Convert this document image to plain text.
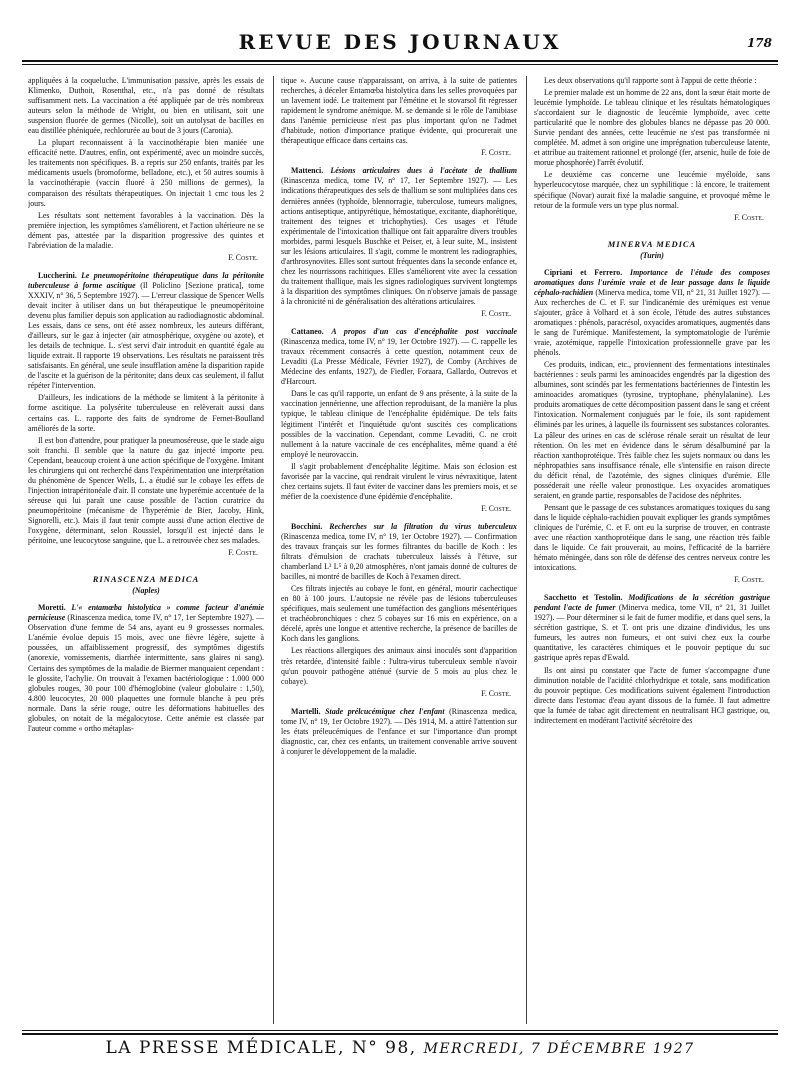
REVUE DES JOURNAUX	178

appliquées à la coqueluche. L'immunisation passive, après les essais de Klimenko, Duthoit, Rosenthal, etc., n'a pas donné de résultats suffisamment nets. La vaccination a été appliquée par de très nombreux auteurs selon la méthode de Wright, ou bien en utilisant, soit une suspension fluorée de germes (Nicolle), soit un autolysat de bacilles en eau distillée phéniquée, rechlorurée au bout de 3 jours (Caronia).

La plupart reconnaissent à la vaccinothérapie bien maniée une efficacité nette. D'autres, enfin, ont expérimenté, avec un moindre succès, les traitements non spécifiques. B. a repris sur 250 enfants, traités par les médicaments usuels (bromoforme, belladone, etc.), et 50 autres soumis à la vaccinothérapie (vaccin fluoré à 250 millions de germes), la comparaison des résultats thérapeutiques. On injectait 1 cmc tous les 2 jours.

Les résultats sont nettement favorables à la vaccination. Dès la première injection, les symptômes s'améliorent, et l'action ultérieure ne se dément pas, attestée par la disparition progressive des quintes et l'abréviation de la maladie.

F. Coste.

Luccherini. Le pneumopéritoine thérapeutique dans la péritonite tuberculeuse à forme ascitique (Il Policlino [Sezione pratica], tome XXXIV, n° 36, 5 Septembre 1927). — L'erreur classique de Spencer Wells devait inciter à utiliser dans un but thérapeutique le pneumopéritoine devenu plus familier depuis son application au radiodiagnostic abdominal. Les essais, dans ce sens, ont été assez nombreux, les auteurs différant, d'ailleurs, sur le gaz à injecter (air atmosphérique, oxygène ou azote), et les details de technique. L. s'est servi d'air introduit en quantité égale au liquide extrait. Il rapporte 19 observations. Les résultats ne paraissent très satisfaisants. En général, une seule insufflation amène la disparition rapide de l'ascite et la guérison de la péritonite; dans deux cas seulement, il fallut répéter l'intervention.

D'ailleurs, les indications de la méthode se limitent à la péritonite à forme ascitique. La polysérite tuberculeuse en relèverait aussi dans certains cas. L. rapporte des faits de syndrome de Fernet-Boulland améliorés de la sorte.

Il est bon d'attendre, pour pratiquer la pneumoséreuse, que le stade aigu soit franchi. Il semble que la nature du gaz injecté importe peu. Cependant, beaucoup croient à une action spécifique de l'oxygène. Imitant les chirurgiens qui ont recherché dans l'expérimentation une interprétation du phénomène de Spencer Wells, L. a étudié sur le cobaye les effets de l'injection intrapéritonéale d'air. Il constate une hyperémie accentuée de la séreuse qui lui paraît une cause possible de l'action curatrice du pneumopéritoine (mécanisme de l'hyperémie de Bier, Jacoby, Hink, Signorelli, etc.). Mais il faut tenir compte aussi d'une action élective de l'oxygène, déterminant, selon Roussiel, lorsqu'il est injecté dans le péritoine, une leucocytose sanguine, que L. a retrouvée chez ses malades.

F. Coste.
RINASCENZA MEDICA
(Naples)

Moretti. L'« entamœba histolytica » comme facteur d'anémie pernicieuse (Rinascenza medica, tome IV, n° 17, 1er Septembre 1927). — Observation d'une femme de 54 ans, ayant eu 9 grossesses normales. L'anémie évolue depuis 15 mois, avec une fièvre légère, sujette à poussées, un affaiblissement progressif, des symptômes digestifs (anorexie, vomissements, diarrhée intermittente, sans glaires ni sang). Certains des symptômes de la maladie de Biermer manquaient cependant : le glossite, l'achylie. On trouvait à l'examen bactériologique : 1.000 000 globules rouges, 30 pour 100 d'hémoglobine (valeur globulaire : 1,50), 4.800 leucocytes, 20 000 plaquettes une formule blanche à peu près normale. Dans la série rouge, outre les déformations habituelles des globules, on notait de la mégalocytose. Cette anémie est classée par l'auteur comme « ortho métaplas-

tique ». Aucune cause n'apparaissant, on arriva, à la suite de patientes recherches, à déceler Entamœba histolytica dans les selles provoquées par un lavement iodé. Le traitement par l'émétine et le stovarsol fit régresser rapidement le syndrome anémique. M. se demande si le rôle de l'amibiase dans l'anémie pernicieuse n'est pas plus important qu'on ne l'admet d'habitude, notion d'importance pratique évidente, qui procurerait une thérapeutique efficace dans certains cas.

F. Coste.

Mattenci. Lésions articulaires dues à l'acétate de thallium (Rinascenza medica, tome IV, n° 17, 1er Septembre 1927). — Les indications thérapeutiques des sels de thallium se sont multipliées dans ces dernières années (typhoïde, blennorragie, tuberculose, tumeurs malignes, actions antiseptique, antipyrétique, hémostatique, excitante, diaphorétique, traitement des teignes et trichophyties). Ces usages et l'étude expérimentale de l'intoxication thallique ont fait apparaître divers troubles morbides, parmi lesquels Buschke et Peiser, et, à leur suite, M., insistent sur les lésions articulaires. Il s'agit, comme le montrent les radiographies, d'arthrosynovites. Elles sont surtout fréquentes dans la seconde enfance et, chez les nourrissons rachitiques. Elles s'améliorent vite avec la cessation du traitement thallique, mais les signes radiologiques survivent longtemps à la disparition des symptômes cliniques. On n'observe jamais de passage à la chronicité ni de généralisation des altérations articulaires.

F. Coste.

Cattaneo. A propos d'un cas d'encéphalite post vaccinale (Rinascenza medica, tome IV, n° 19, 1er Octobre 1927). — C. rappelle les travaux récemment consacrés à cette question, notamment ceux de Levaditi (La Presse Médicale, Février 1927), de Comby (Archives de Médecine des enfants, 1927), de Fiedler, Foraara, Gallardo, Outrevos et d'Harcourt.

Dans le cas qu'il rapporte, un enfant de 9 ans présente, à la suite de la vaccination jennérienne, une affection reproduisant, de la manière la plus typique, le tableau clinique de l'encéphalite épidémique. De tels faits légitiment l'intérêt et l'inquiétude qu'ont suscités ces complications possibles de la vaccination. Cependant, comme Levaditi, C. ne croit nullement à la nature vaccinale de ces encéphalites, même quand a été employé le neurovaccin.

Il s'agit probablement d'encéphalite légitime. Mais son éclosion est favorisée par la vaccine, qui rendrait virulent le virus névraxitique, latent chez certains sujets. Il faut éviter de vacciner dans les premiers mois, et se méfier de la coexistence d'une épidémie d'encéphalite.

F. Coste.

Bocchini. Recherches sur la filtration du virus tuberculeux (Rinascenza medica, tome IV, n° 19, 1er Octobre 1927). — Confirmation des travaux français sur les formes filtrantes du bacille de Koch : les filtrats d'émulsion de crachats tuberculeux laissés à l'étuve, sur chamberland L³ L⁵ à 0,20 atmosphères, n'ont jamais donné de cultures de bacilles, ni montré de bacilles de Koch à l'examen direct.

Ces filtrats injectés au cobaye le font, en général, mourir cachectique en 80 à 100 jours. L'autopsie ne révèle pas de lésions tuberculeuses spécifiques, mais seulement une tuméfaction des ganglions mésentériques et trachéobronchiques : chez 5 cobayes sur 16 mis en expérience, on a décelé, après une longue et attentive recherche, la présence de bacilles de Koch dans les ganglions.

Les réactions allergiques des animaux ainsi inoculés sont d'apparition très retardée, d'intensité faible : l'ultra-virus tuberculeux semble n'avoir qu'un pouvoir pathogène atténué (survie de 5 mois au plus chez le cobaye).

F. Coste.

Martelli. Stade prélcucémique chez l'enfant (Rinascenza medica, tome IV, n° 19, 1er Octobre 1927). — Dès 1914, M. a attiré l'attention sur les états préleucémiques de l'enfance et sur l'importance d'un prompt diagnostic, car, chez ces enfants, un traitement convenable arrive souvent à conjurer le développement de la maladie.

Les deux observations qu'il rapporte sont à l'appui de cette théorie :

Le premier malade est un homme de 22 ans, dont la sœur était morte de leucémie lymphoïde. Le tableau clinique et les résultats hématologiques s'accordaient sur le diagnostic de leucémie lymphoïde, avec cette particularité que le nombre des globules blancs ne dépasse pas 20 000. Survie pendant des années, cette leucémie ne s'est pas transformée ni complétée. M. admet à son origine une imprégnation tuberculeuse latente, et attribue au traitement rationnel et prolongé (fer, arsenic, huile de foie de morue phosphorée) l'arrêt évolutif.

Le deuxième cas concerne une leucémie myéloïde, sans hyperleucocytose marquée, chez un syphilitique : là encore, le traitement spécifique (Novar) aurait fixé la maladie sanguine, et provoqué même le retour de la formule vers un type plus normal.

F. Coste.
MINERVA MEDICA
(Turin)

Cipriani et Ferrero. Importance de l'étude des composes aromatiques dans l'urémie vraie et de leur passage dans le liquide céphalo-rachidien (Minerva medica, tome VII, n° 21, 31 Juillet 1927). — Aux recherches de C. et F. sur l'indicanémie des urémiques est venue s'ajouter, grâce à Volhard et à son école, l'étude des autres substances aromatiques : phénols, paracrésol, oxyacides aromatiques, augmentés dans le sang de l'urémique. Manifestement, la symptomatologie de l'urémie vraie, azotémique, rappelle l'intoxication professionnelle grave par les phénols.

Ces produits, indican, etc., proviennent des fermentations intestinales bactériennes : seuls parmi les aminoacides engendrés par la digestion des albumines, sont scindés par les fermentations bactériennes de l'intestin les aminoacides aromatiques (tyrosine, tryptophane, phénylalanine). Les produits aromatiques de cette décomposition passent dans le sang et créent l'intoxication. Normalement conjugués par le foie, ils sont rapidement éliminés par les urines, à laquelle ils fournissent ses substances colorantes. La pâleur des urines en cas de sclérose rénale serait un résultat de leur rétention. On les met en évidence dans le sérum désalbuminé par la réaction xanthoprotéique. Très faible chez les sujets normaux ou dans les néphropathies sans insuffisance rénale, elle s'intensifie en raison directe du déficit rénal, de l'azotémie, des signes cliniques d'urémie. Elle posséderait une réelle valeur pronostique. Les oxyacides aromatiques seraient, en grande partie, responsables de l'acidose des néphrites.

Pensant que le passage de ces substances aromatiques toxiques du sang dans le liquide céphalo-rachidien pouvait expliquer les grands symptômes cliniques de l'urémie, C. et F. ont eu la surprise de trouver, en contraste avec une réaction xanthoprotéique dans le sang, une réaction très faible dans le liquide. Ce fait prouverait, au moins, l'efficacité de la barrière hémato méningée, dans son rôle de défense des centres nerveux contre les intoxications.

F. Coste.

Sacchetto et Testolin. Modifications de la sécrétion gastrique pendant l'acte de fumer (Minerva medica, tome VII, n° 21, 31 Juillet 1927). — Pour déterminer si le fait de fumer modifie, et dans quel sens, la sécrétion gastrique, S. et T. ont pris une dizaine d'individus, les uns fumeurs, les autres non fumeurs, et ont suivi chez eux la courbe quantitative, les caractères chimiques et le pouvoir peptique du suc gastrique après repas d'Ewald.

Ils ont ainsi pu constater que l'acte de fumer s'accompagne d'une diminution notable de l'acidité chlorhydrique et totale, sans modification du pouvoir peptique. Ces modifications suivent également l'introduction directe dans l'estomac d'eau ayant dissous de la fumée. Il faut admettre que la fumée de tabac agit directement en neutralisant HCl gastrique, ou, indirectement en modérant l'activité sécrétoire des

LA PRESSE MÉDICALE, N° 98, MERCREDI, 7 DÉCEMBRE 1927
